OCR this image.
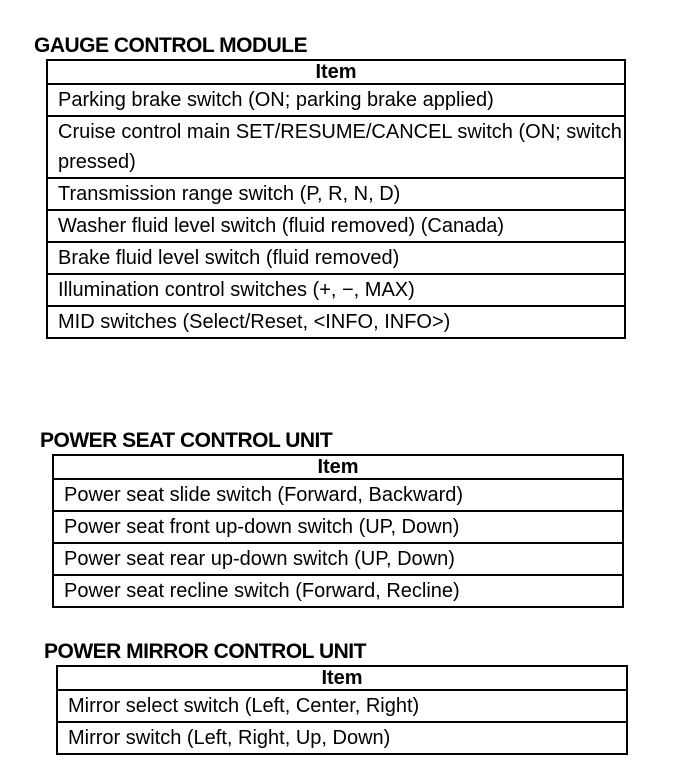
GAUGE CONTROL MODULE
Item
Parking brake switch (ON; parking brake applied)
Cruise control main SET/RESUME/CANCEL switch (ON; switch pressed)
Transmission range switch (P, R, N, D)
Washer fluid level switch (fluid removed) (Canada)
Brake fluid level switch (fluid removed)
Illumination control switches (+, −, MAX)
MID switches (Select/Reset, <INFO, INFO>)
POWER SEAT CONTROL UNIT
Item
Power seat slide switch (Forward, Backward)
Power seat front up-down switch (UP, Down)
Power seat rear up-down switch (UP, Down)
Power seat recline switch (Forward, Recline)
POWER MIRROR CONTROL UNIT
Item
Mirror select switch (Left, Center, Right)
Mirror switch (Left, Right, Up, Down)
